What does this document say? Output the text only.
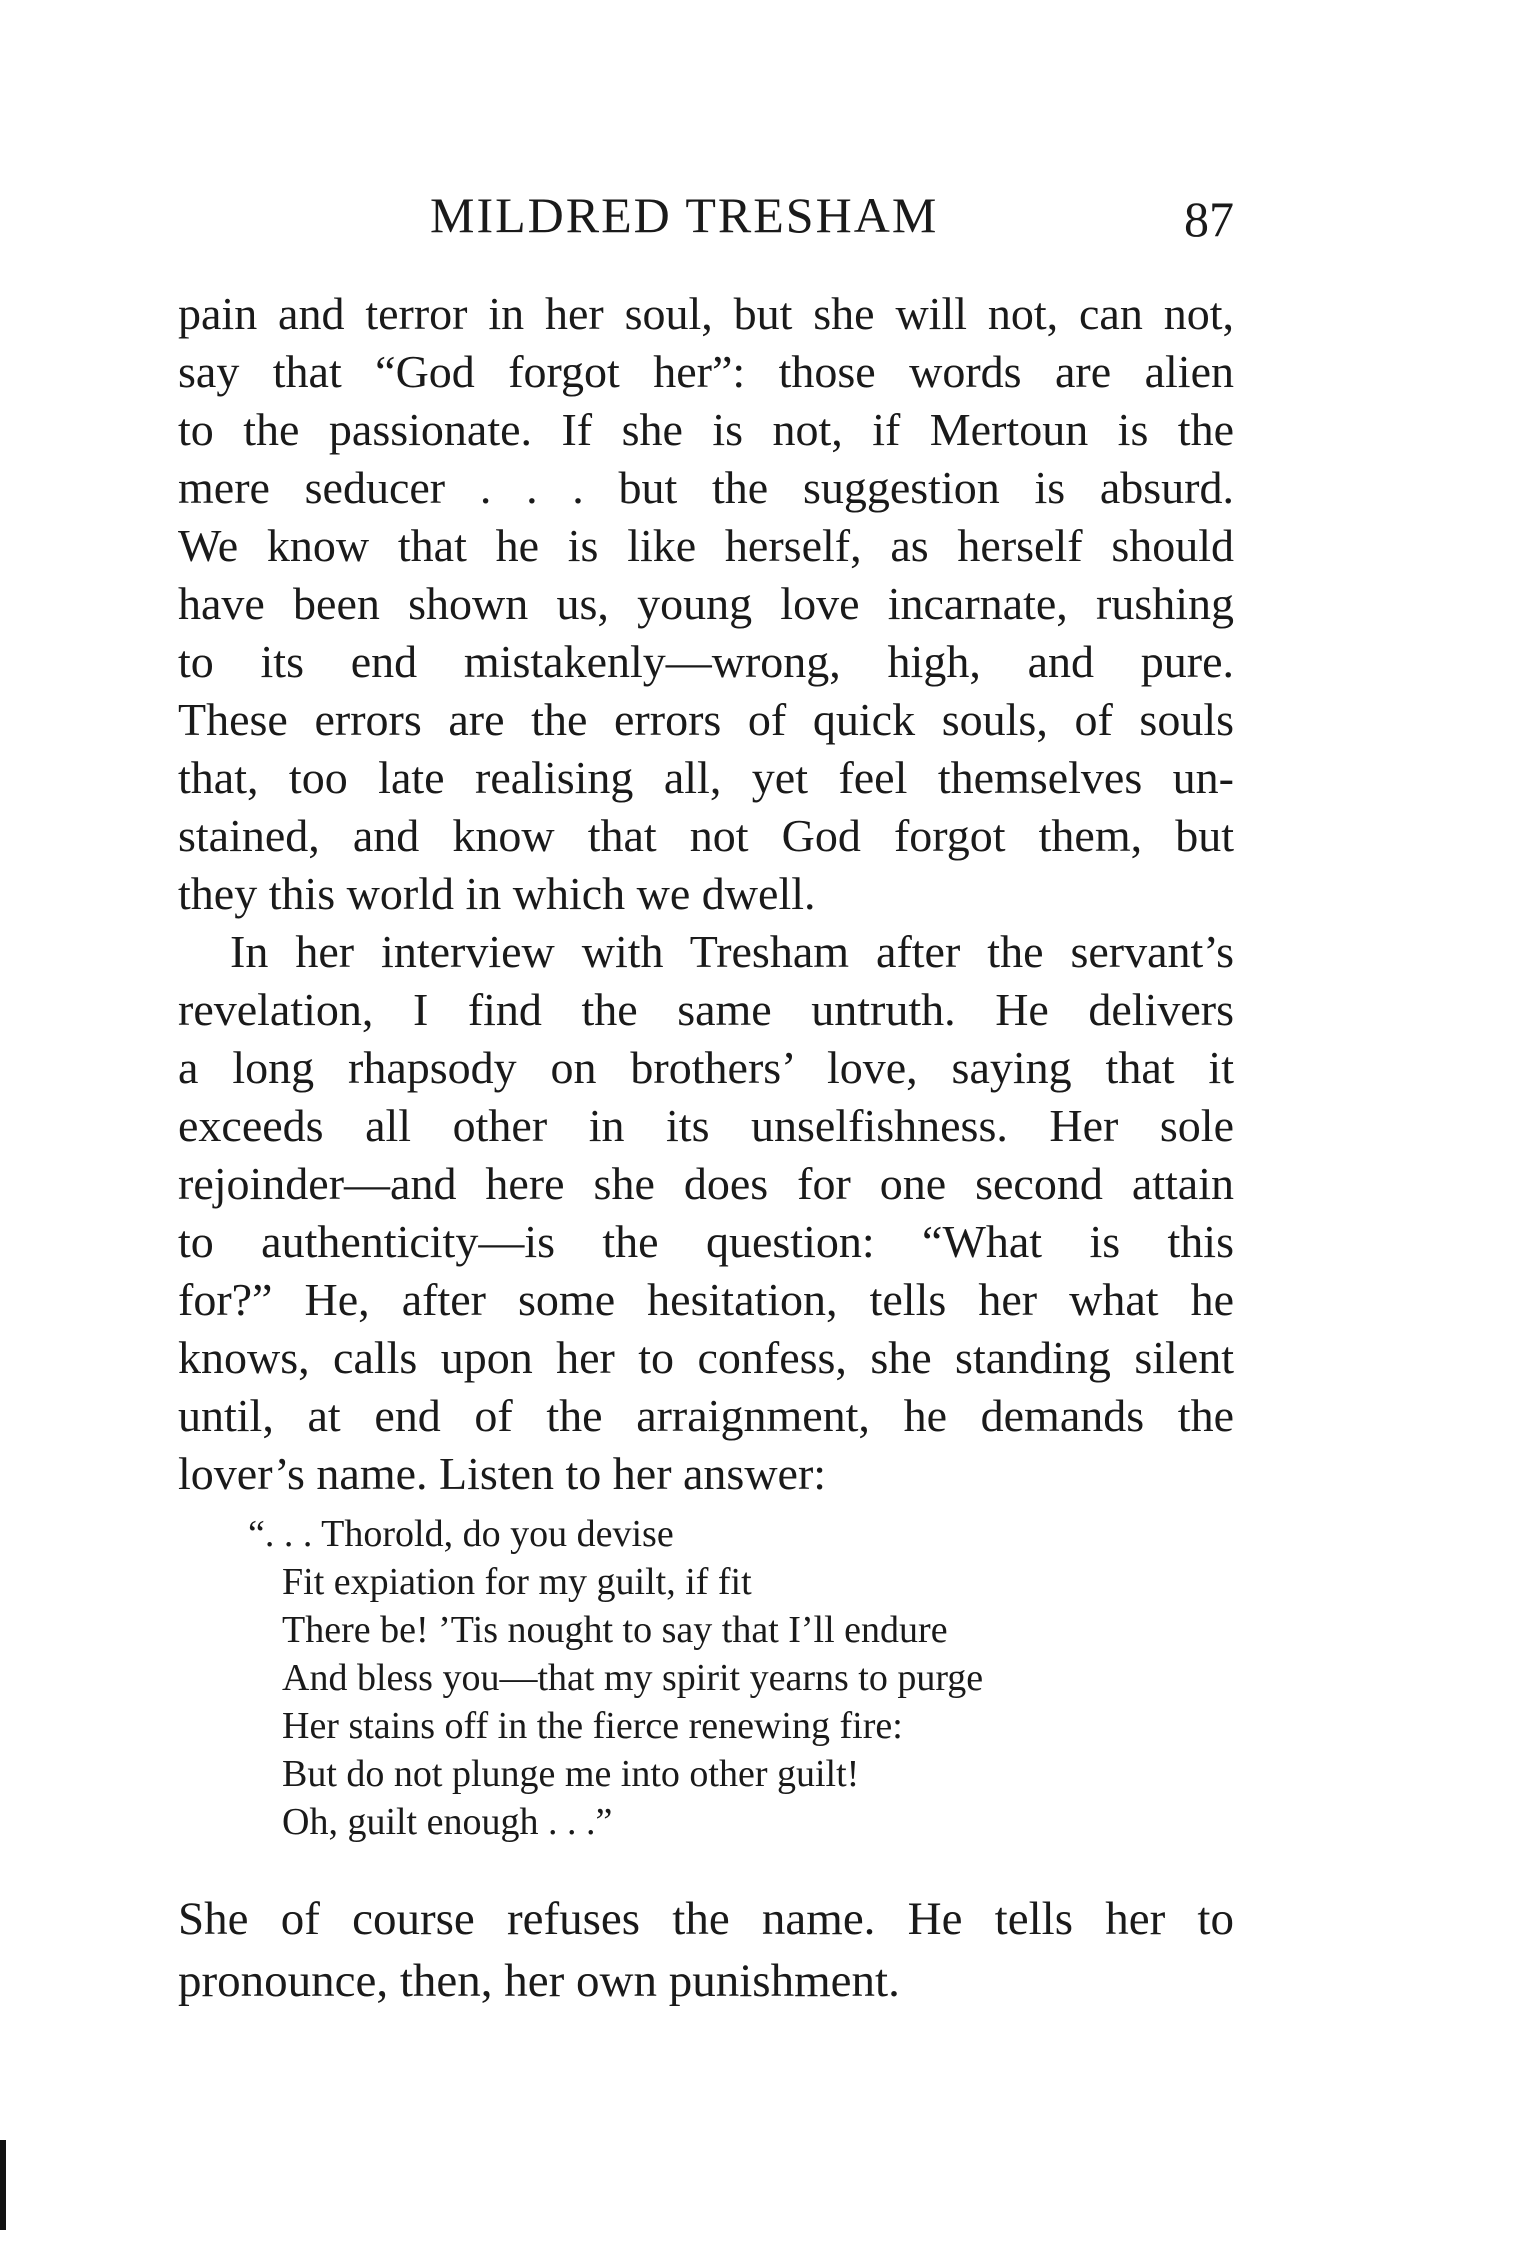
MILDRED TRESHAM	87
pain and terror in her soul, but she will not, can not,
say that “God forgot her”: those words are alien
to the passionate. If she is not, if Mertoun is the
mere seducer . . . but the suggestion is absurd.
We know that he is like herself, as herself should
have been shown us, young love incarnate, rushing
to its end mistakenly—wrong, high, and pure.
These errors are the errors of quick souls, of souls
that, too late realising all, yet feel themselves un-
stained, and know that not God forgot them, but
they this world in which we dwell.
In her interview with Tresham after the servant’s
revelation, I find the same untruth. He delivers
a long rhapsody on brothers’ love, saying that it
exceeds all other in its unselfishness. Her sole
rejoinder—and here she does for one second attain
to authenticity—is the question: “What is this
for?” He, after some hesitation, tells her what he
knows, calls upon her to confess, she standing silent
until, at end of the arraignment, he demands the
lover’s name. Listen to her answer:
“. . . Thorold, do you devise
Fit expiation for my guilt, if fit
There be! ’Tis nought to say that I’ll endure
And bless you—that my spirit yearns to purge
Her stains off in the fierce renewing fire:
But do not plunge me into other guilt!
Oh, guilt enough . . .”
She of course refuses the name. He tells her to
pronounce, then, her own punishment.
